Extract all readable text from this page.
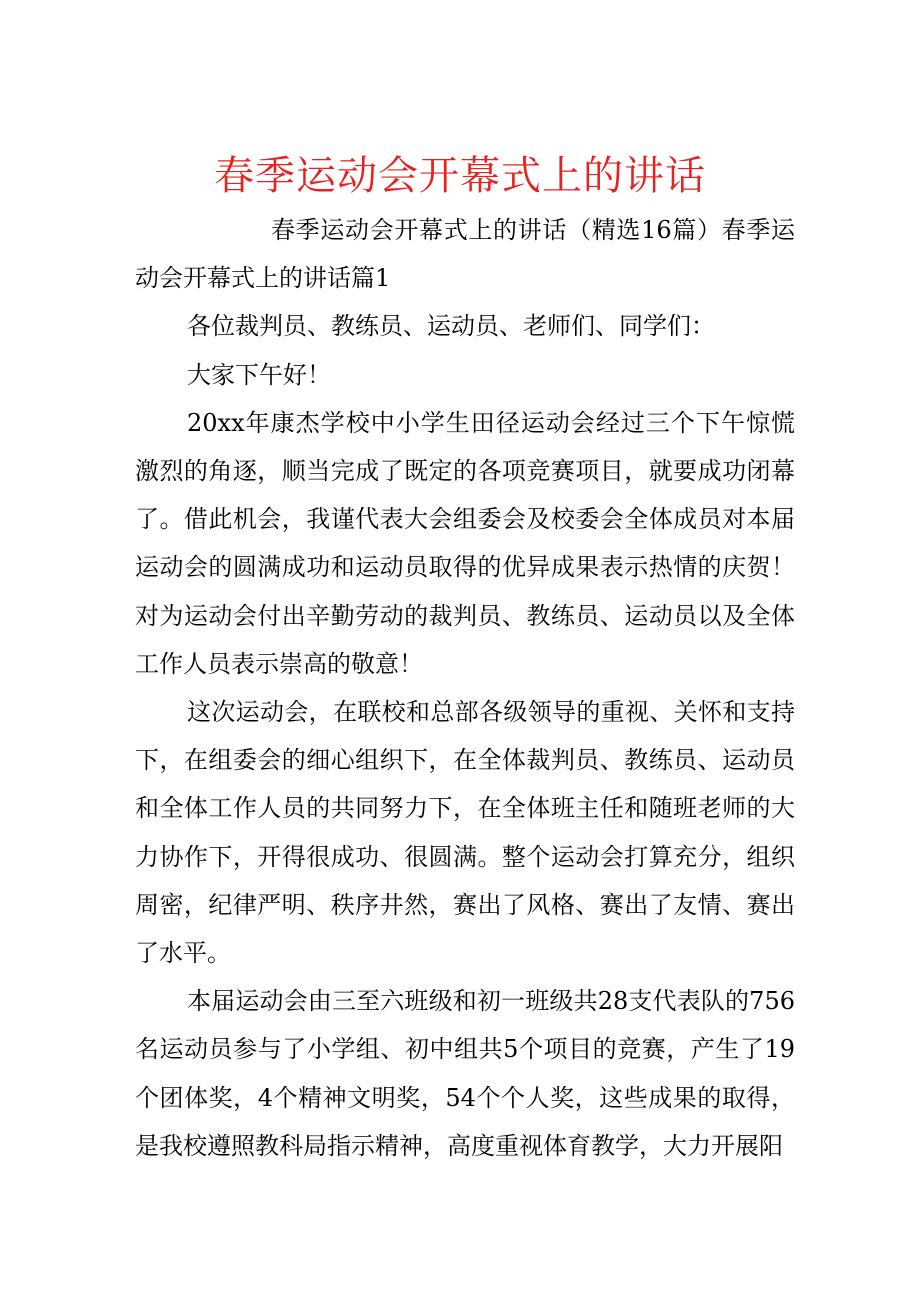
春季运动会开幕式上的讲话

春季运动会开幕式上的讲话（精选16篇）春季运动会开幕式上的讲话篇1

各位裁判员、教练员、运动员、老师们、同学们：

大家下午好！

20xx年康杰学校中小学生田径运动会经过三个下午惊慌激烈的角逐，顺当完成了既定的各项竞赛项目，就要成功闭幕了。借此机会，我谨代表大会组委会及校委会全体成员对本届运动会的圆满成功和运动员取得的优异成果表示热情的庆贺！对为运动会付出辛勤劳动的裁判员、教练员、运动员以及全体工作人员表示崇高的敬意！

这次运动会，在联校和总部各级领导的重视、关怀和支持下，在组委会的细心组织下，在全体裁判员、教练员、运动员和全体工作人员的共同努力下，在全体班主任和随班老师的大力协作下，开得很成功、很圆满。整个运动会打算充分，组织周密，纪律严明、秩序井然，赛出了风格、赛出了友情、赛出了水平。

本届运动会由三至六班级和初一班级共28支代表队的756名运动员参与了小学组、初中组共5个项目的竞赛，产生了19个团体奖，4个精神文明奖，54个个人奖，这些成果的取得，是我校遵照教科局指示精神，高度重视体育教学，大力开展阳
